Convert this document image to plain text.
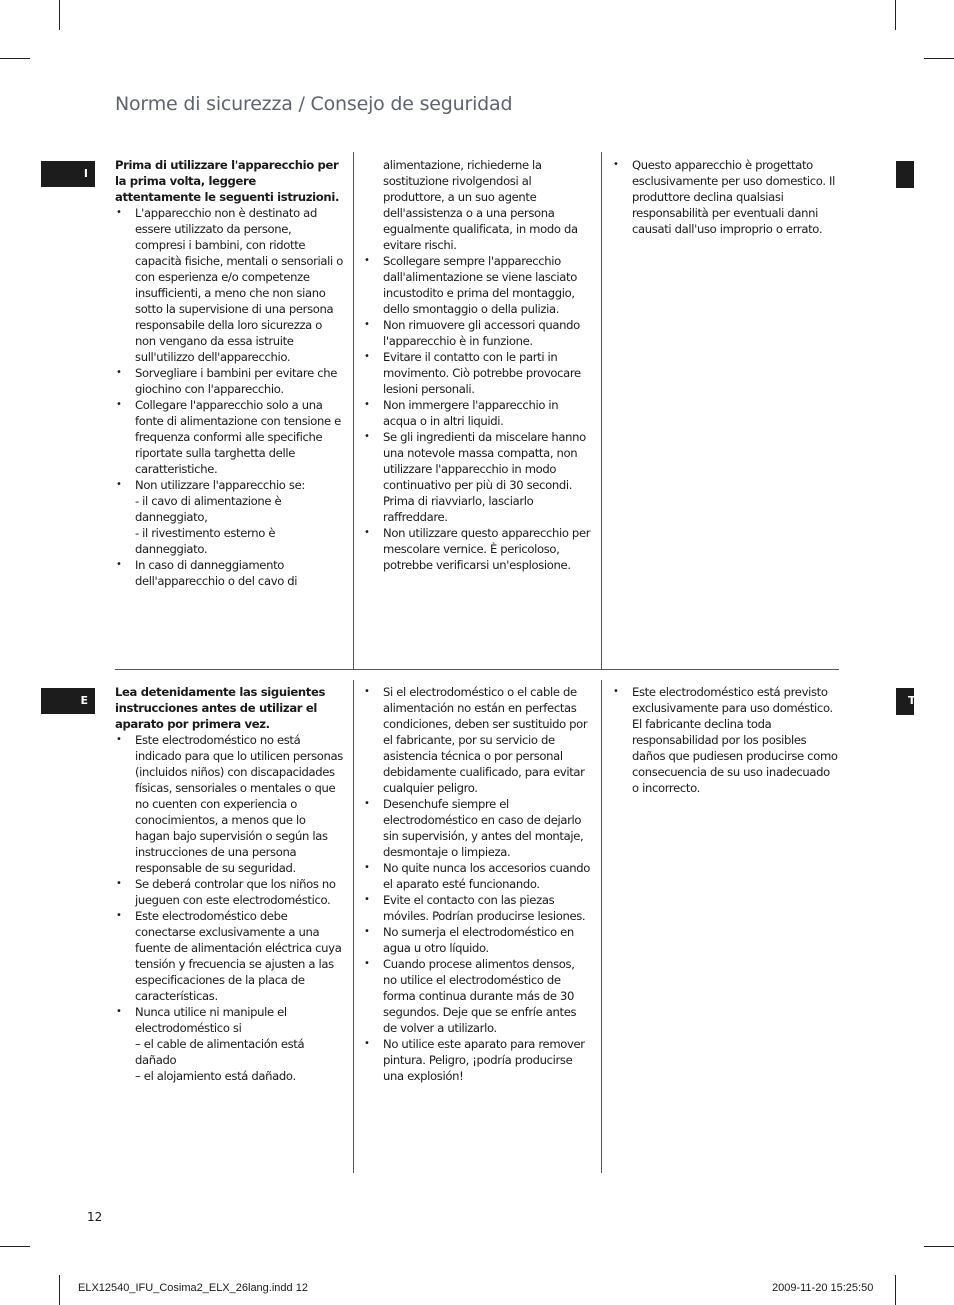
Norme di sicurezza / Consejo de seguridad
I

Prima di utilizzare l'apparecchio per la prima volta, leggere attentamente le seguenti istruzioni.

• L'apparecchio non è destinato ad essere utilizzato da persone, compresi i bambini, con ridotte capacità fisiche, mentali o sensoriali o con esperienza e/o competenze insufficienti, a meno che non siano sotto la supervisione di una persona responsabile della loro sicurezza o non vengano da essa istruite sull'utilizzo dell'apparecchio.
• Sorvegliare i bambini per evitare che giochino con l'apparecchio.
• Collegare l'apparecchio solo a una fonte di alimentazione con tensione e frequenza conformi alle specifiche riportate sulla targhetta delle caratteristiche.
• Non utilizzare l'apparecchio se:
- il cavo di alimentazione è danneggiato,
- il rivestimento esterno è danneggiato.
• In caso di danneggiamento dell'apparecchio o del cavo di

alimentazione, richiederne la sostituzione rivolgendosi al produttore, a un suo agente dell'assistenza o a una persona egualmente qualificata, in modo da evitare rischi.

• Scollegare sempre l'apparecchio dall'alimentazione se viene lasciato incustodito e prima del montaggio, dello smontaggio o della pulizia.
• Non rimuovere gli accessori quando l'apparecchio è in funzione.
• Evitare il contatto con le parti in movimento. Ciò potrebbe provocare lesioni personali.
• Non immergere l'apparecchio in acqua o in altri liquidi.
• Se gli ingredienti da miscelare hanno una notevole massa compatta, non utilizzare l'apparecchio in modo continuativo per più di 30 secondi. Prima di riavviarlo, lasciarlo raffreddare.
• Non utilizzare questo apparecchio per mescolare vernice. È pericoloso, potrebbe verificarsi un'esplosione.
• Questo apparecchio è progettato esclusivamente per uso domestico. Il produttore declina qualsiasi responsabilità per eventuali danni causati dall'uso improprio o errato.
E	T

Lea detenidamente las siguientes instrucciones antes de utilizar el aparato por primera vez.

• Este electrodoméstico no está indicado para que lo utilicen personas (incluidos niños) con discapacidades físicas, sensoriales o mentales o que no cuenten con experiencia o conocimientos, a menos que lo hagan bajo supervisión o según las instrucciones de una persona responsable de su seguridad.
• Se deberá controlar que los niños no jueguen con este electrodoméstico.
• Este electrodoméstico debe conectarse exclusivamente a una fuente de alimentación eléctrica cuya tensión y frecuencia se ajusten a las especificaciones de la placa de características.
• Nunca utilice ni manipule el electrodoméstico si
– el cable de alimentación está dañado
– el alojamiento está dañado.
• Si el electrodoméstico o el cable de alimentación no están en perfectas condiciones, deben ser sustituido por el fabricante, por su servicio de asistencia técnica o por personal debidamente cualificado, para evitar cualquier peligro.
• Desenchufe siempre el electrodoméstico en caso de dejarlo sin supervisión, y antes del montaje, desmontaje o limpieza.
• No quite nunca los accesorios cuando el aparato esté funcionando.
• Evite el contacto con las piezas móviles. Podrían producirse lesiones.
• No sumerja el electrodoméstico en agua u otro líquido.
• Cuando procese alimentos densos, no utilice el electrodoméstico de forma continua durante más de 30 segundos. Deje que se enfríe antes de volver a utilizarlo.
• No utilice este aparato para remover pintura. Peligro, ¡podría producirse una explosión!
• Este electrodoméstico está previsto exclusivamente para uso doméstico. El fabricante declina toda responsabilidad por los posibles daños que pudiesen producirse como consecuencia de su uso inadecuado o incorrecto.
12
ELX12540_IFU_Cosima2_ELX_26lang.indd 12	2009-11-20 15:25:50
